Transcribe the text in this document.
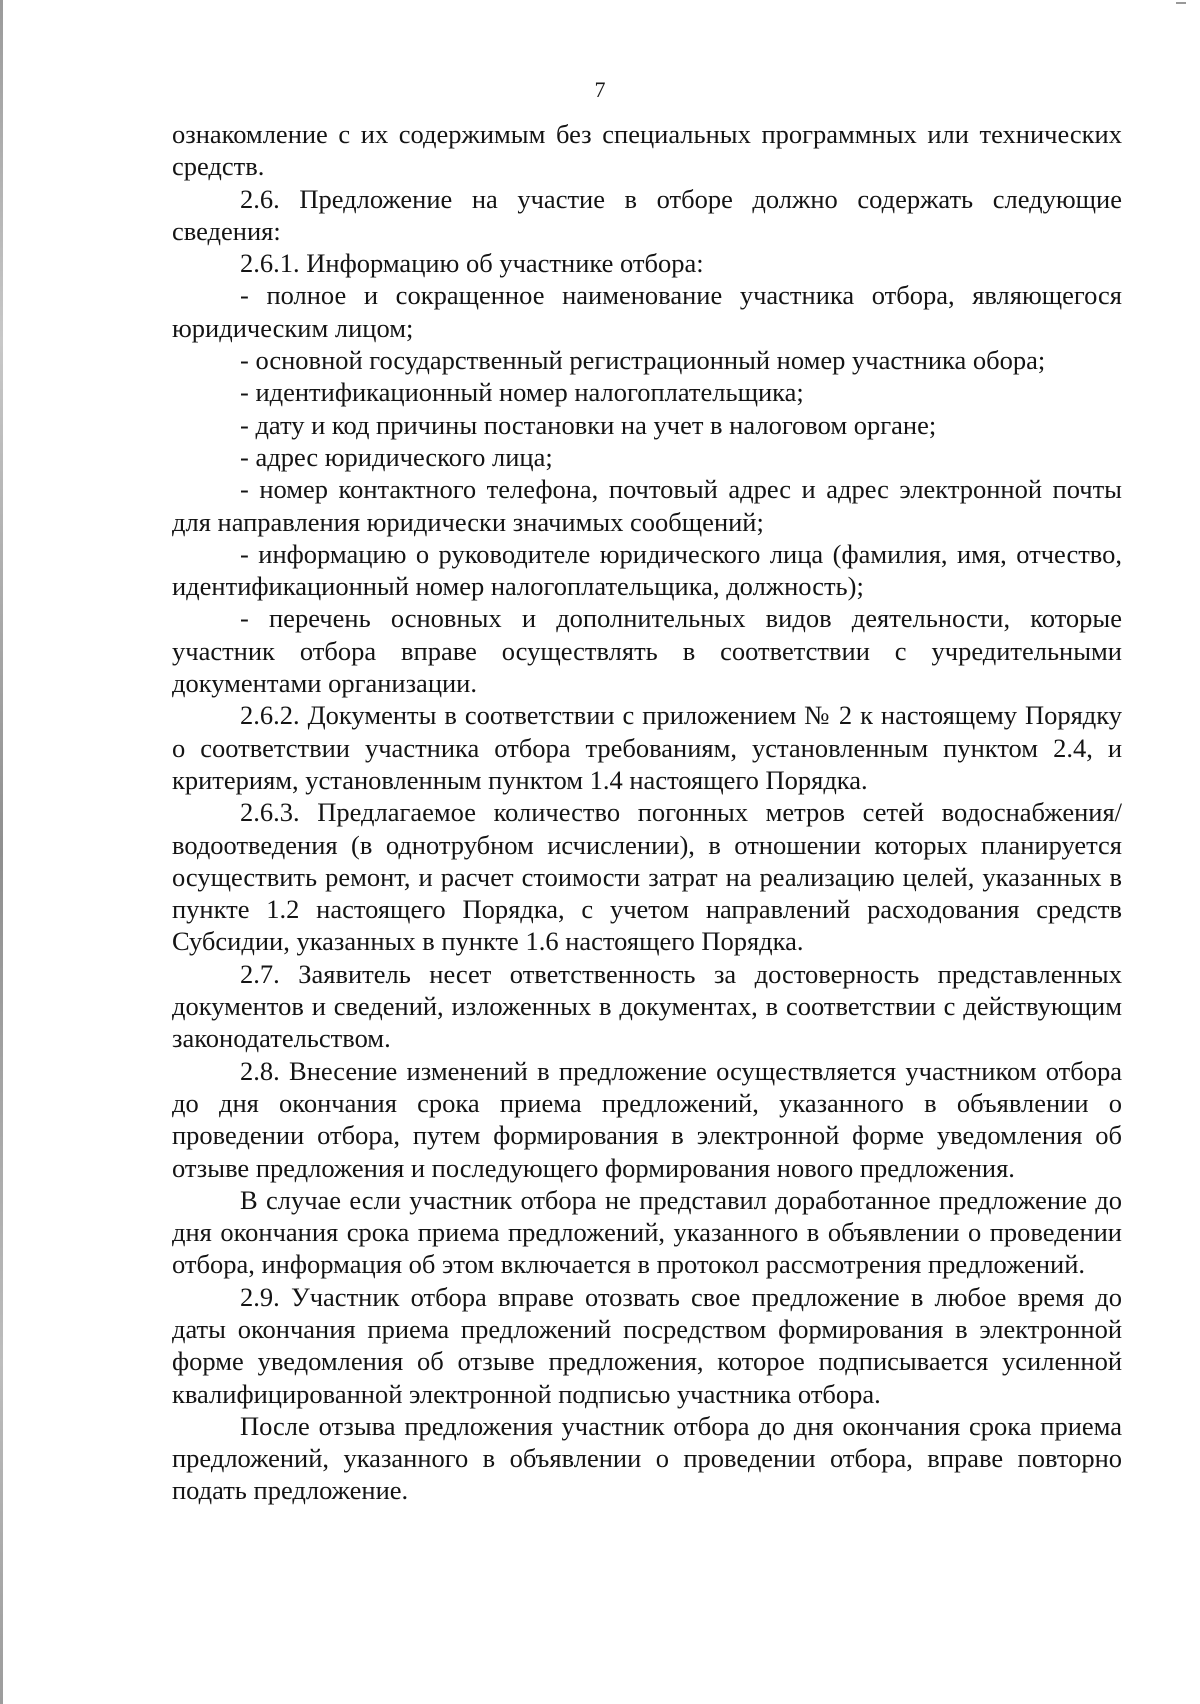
7

ознакомление с их содержимым без специальных программных или технических средств.

2.6. Предложение на участие в отборе должно содержать следующие сведения:

2.6.1. Информацию об участнике отбора:

- полное и сокращенное наименование участника отбора, являющегося юридическим лицом;

- основной государственный регистрационный номер участника обора;

- идентификационный номер налогоплательщика;

- дату и код причины постановки на учет в налоговом органе;

- адрес юридического лица;

- номер контактного телефона, почтовый адрес и адрес электронной почты для направления юридически значимых сообщений;

- информацию о руководителе юридического лица (фамилия, имя, отчество, идентификационный номер налогоплательщика, должность);

- перечень основных и дополнительных видов деятельности, которые участник отбора вправе осуществлять в соответствии с учредительными документами организации.

2.6.2. Документы в соответствии с приложением № 2 к настоящему Порядку о соответствии участника отбора требованиям, установленным пунктом 2.4, и критериям, установленным пунктом 1.4 настоящего Порядка.

2.6.3. Предлагаемое количество погонных метров сетей водоснабжения/ водоотведения (в однотрубном исчислении), в отношении которых планируется осуществить ремонт, и расчет стоимости затрат на реализацию целей, указанных в пункте 1.2 настоящего Порядка, с учетом направлений расходования средств Субсидии, указанных в пункте 1.6 настоящего Порядка.

2.7. Заявитель несет ответственность за достоверность представленных документов и сведений, изложенных в документах, в соответствии с действующим законодательством.

2.8. Внесение изменений в предложение осуществляется участником отбора до дня окончания срока приема предложений, указанного в объявлении о проведении отбора, путем формирования в электронной форме уведомления об отзыве предложения и последующего формирования нового предложения.

В случае если участник отбора не представил доработанное предложение до дня окончания срока приема предложений, указанного в объявлении о проведении отбора, информация об этом включается в протокол рассмотрения предложений.

2.9. Участник отбора вправе отозвать свое предложение в любое время до даты окончания приема предложений посредством формирования в электронной форме уведомления об отзыве предложения, которое подписывается усиленной квалифицированной электронной подписью участника отбора.

После отзыва предложения участник отбора до дня окончания срока приема предложений, указанного в объявлении о проведении отбора, вправе повторно подать предложение.
